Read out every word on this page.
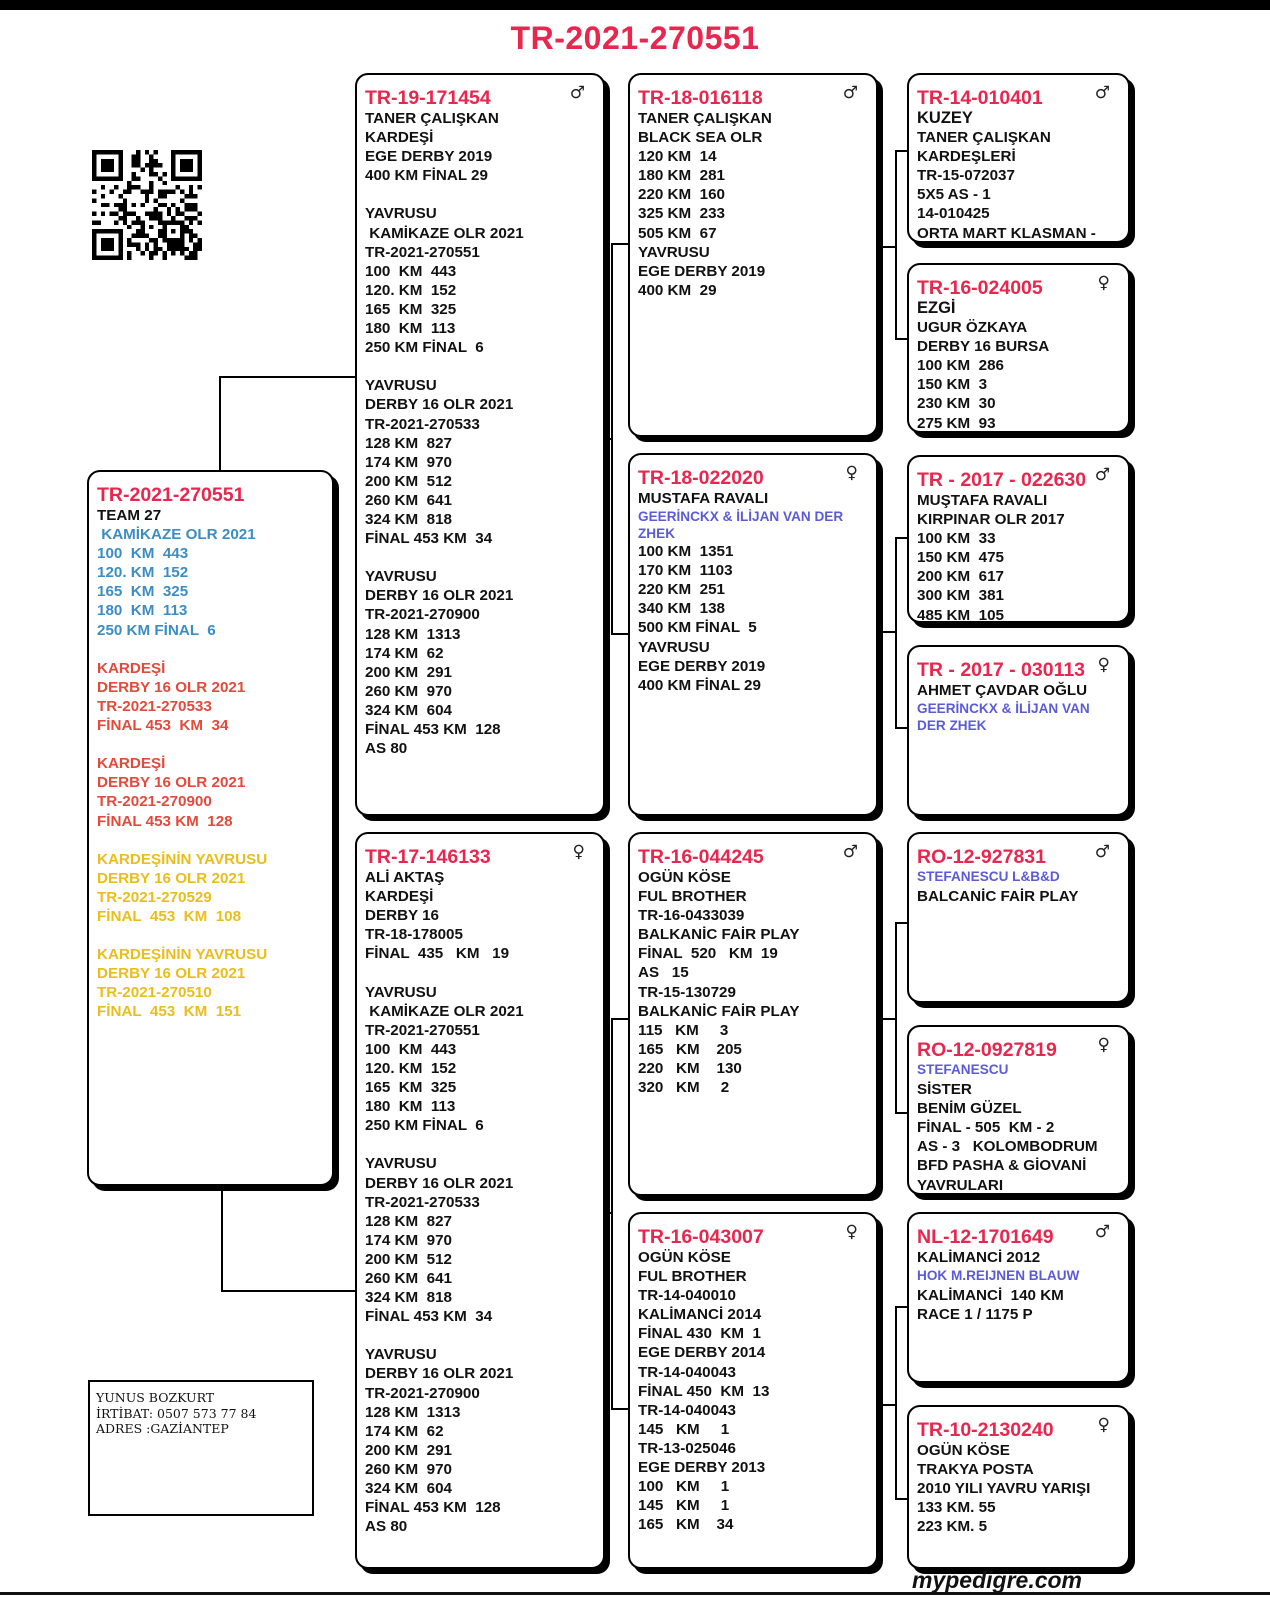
TR-2021-270551
TR-2021-270551
TEAM 27
KAMİKAZE OLR 2021
100  KM  443
120. KM  152
165  KM  325
180  KM  113
250 KM FİNAL  6
KARDEŞİ
DERBY 16 OLR 2021
TR-2021-270533
FİNAL 453  KM  34
KARDEŞİ
DERBY 16 OLR 2021
TR-2021-270900
FİNAL 453 KM  128
KARDEŞİNİN YAVRUSU
DERBY 16 OLR 2021
TR-2021-270529
FİNAL  453  KM  108
KARDEŞİNİN YAVRUSU
DERBY 16 OLR 2021
TR-2021-270510
FİNAL  453  KM  151
TR-19-171454	♂
TANER ÇALIŞKAN
KARDEŞİ
EGE DERBY 2019
400 KM FİNAL 29
YAVRUSU
KAMİKAZE OLR 2021
TR-2021-270551
100  KM  443
120. KM  152
165  KM  325
180  KM  113
250 KM FİNAL  6
YAVRUSU
DERBY 16 OLR 2021
TR-2021-270533
128 KM  827
174 KM  970
200 KM  512
260 KM  641
324 KM  818
FİNAL 453 KM  34
YAVRUSU
DERBY 16 OLR 2021
TR-2021-270900
128 KM  1313
174 KM  62
200 KM  291
260 KM  970
324 KM  604
FİNAL 453 KM  128
AS 80
TR-17-146133	♀
ALİ AKTAŞ
KARDEŞİ
DERBY 16
TR-18-178005
FİNAL  435   KM   19
YAVRUSU
KAMİKAZE OLR 2021
TR-2021-270551
100  KM  443
120. KM  152
165  KM  325
180  KM  113
250 KM FİNAL  6
YAVRUSU
DERBY 16 OLR 2021
TR-2021-270533
128 KM  827
174 KM  970
200 KM  512
260 KM  641
324 KM  818
FİNAL 453 KM  34
YAVRUSU
DERBY 16 OLR 2021
TR-2021-270900
128 KM  1313
174 KM  62
200 KM  291
260 KM  970
324 KM  604
FİNAL 453 KM  128
AS 80
TR-18-016118	♂
TANER ÇALIŞKAN
BLACK SEA OLR
120 KM  14
180 KM  281
220 KM  160
325 KM  233
505 KM  67
YAVRUSU
EGE DERBY 2019
400 KM  29
TR-18-022020	♀
MUSTAFA RAVALI
GEERİNCKX & İLİJAN VAN DER ZHEK
100 KM  1351
170 KM  1103
220 KM  251
340 KM  138
500 KM FİNAL  5
YAVRUSU
EGE DERBY 2019
400 KM FİNAL 29
TR-16-044245	♂
OGÜN KÖSE
FUL BROTHER
TR-16-0433039
BALKANİC FAİR PLAY
FİNAL  520   KM  19
AS   15
TR-15-130729
BALKANİC FAİR PLAY
115   KM     3
165   KM    205
220   KM    130
320   KM     2
TR-16-043007	♀
OGÜN KÖSE
FUL BROTHER
TR-14-040010
KALİMANCİ 2014
FİNAL 430  KM  1
EGE DERBY 2014
TR-14-040043
FİNAL 450  KM  13
TR-14-040043
145   KM     1
TR-13-025046
EGE DERBY 2013
100   KM     1
145   KM     1
165   KM    34
TR-14-010401	♂
KUZEY
TANER ÇALIŞKAN
KARDEŞLERİ
TR-15-072037
5X5 AS - 1
14-010425
ORTA MART KLASMAN -
TR-16-024005	♀
EZGİ
UGUR ÖZKAYA
DERBY 16 BURSA
100 KM  286
150 KM  3
230 KM  30
275 KM  93
TR - 2017 - 022630 ♂
MUŞTAFA RAVALI
KIRPINAR OLR 2017
100 KM  33
150 KM  475
200 KM  617
300 KM  381
485 KM  105
TR - 2017 - 030113 ♀
AHMET ÇAVDAR OĞLU
GEERİNCKX & İLİJAN VAN DER ZHEK
RO-12-927831	♂
STEFANESCU L&B&D
BALCANİC FAİR PLAY
RO-12-0927819	♀
STEFANESCU
SİSTER
BENİM GÜZEL
FİNAL - 505  KM - 2
AS - 3   KOLOMBODRUM
BFD PASHA & GİOVANİ
YAVRULARI
NL-12-1701649	♂
KALİMANCİ 2012
HOK M.REIJNEN BLAUW
KALİMANCİ  140 KM
RACE 1 / 1175 P
TR-10-2130240	♀
OGÜN KÖSE
TRAKYA POSTA
2010 YILI YAVRU YARIŞI
133 KM. 55
223 KM. 5
YUNUS BOZKURT
İRTİBAT: 0507 573 77 84
ADRES :GAZİANTEP
mypedigre.com
